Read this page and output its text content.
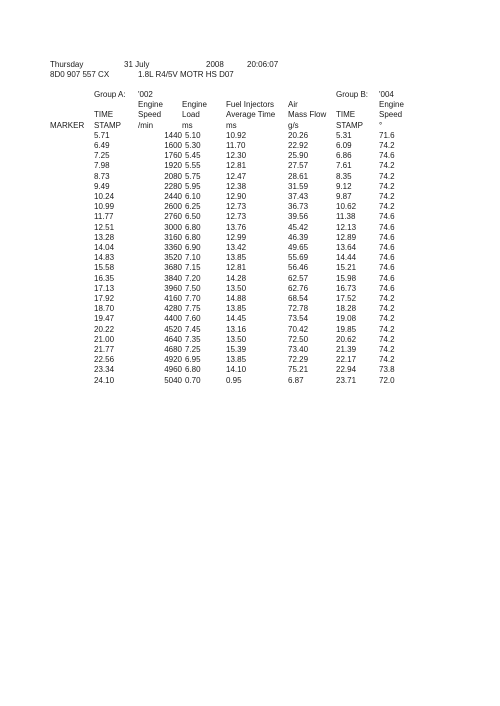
Thursday	31 July	2008	20:06:07
8D0 907 557 CX	1.8L R4/5V MOTR HS D07
	Group A:	'002				Group B:	'004
		Engine	Engine	Fuel Injectors	Air		Engine
	TIME	Speed	Load	Average Time	Mass Flow	TIME	Speed
MARKER	STAMP	/min	ms	ms	g/s	STAMP	°
	5.71	1440	5.10	10.92	20.26	5.31	71.6
	6.49	1600	5.30	11.70	22.92	6.09	74.2
	7.25	1760	5.45	12.30	25.90	6.86	74.6
	7.98	1920	5.55	12.81	27.57	7.61	74.2
	8.73	2080	5.75	12.47	28.61	8.35	74.2
	9.49	2280	5.95	12.38	31.59	9.12	74.2
	10.24	2440	6.10	12.90	37.43	9.87	74.2
	10.99	2600	6.25	12.73	36.73	10.62	74.2
	11.77	2760	6.50	12.73	39.56	11.38	74.6
	12.51	3000	6.80	13.76	45.42	12.13	74.6
	13.28	3160	6.80	12.99	46.39	12.89	74.6
	14.04	3360	6.90	13.42	49.65	13.64	74.6
	14.83	3520	7.10	13.85	55.69	14.44	74.6
	15.58	3680	7.15	12.81	56.46	15.21	74.6
	16.35	3840	7.20	14.28	62.57	15.98	74.6
	17.13	3960	7.50	13.50	62.76	16.73	74.6
	17.92	4160	7.70	14.88	68.54	17.52	74.2
	18.70	4280	7.75	13.85	72.78	18.28	74.2
	19.47	4400	7.60	14.45	73.54	19.08	74.2
	20.22	4520	7.45	13.16	70.42	19.85	74.2
	21.00	4640	7.35	13.50	72.50	20.62	74.2
	21.77	4680	7.25	15.39	73.40	21.39	74.2
	22.56	4920	6.95	13.85	72.29	22.17	74.2
	23.34	4960	6.80	14.10	75.21	22.94	73.8
	24.10	5040	0.70	0.95	6.87	23.71	72.0
